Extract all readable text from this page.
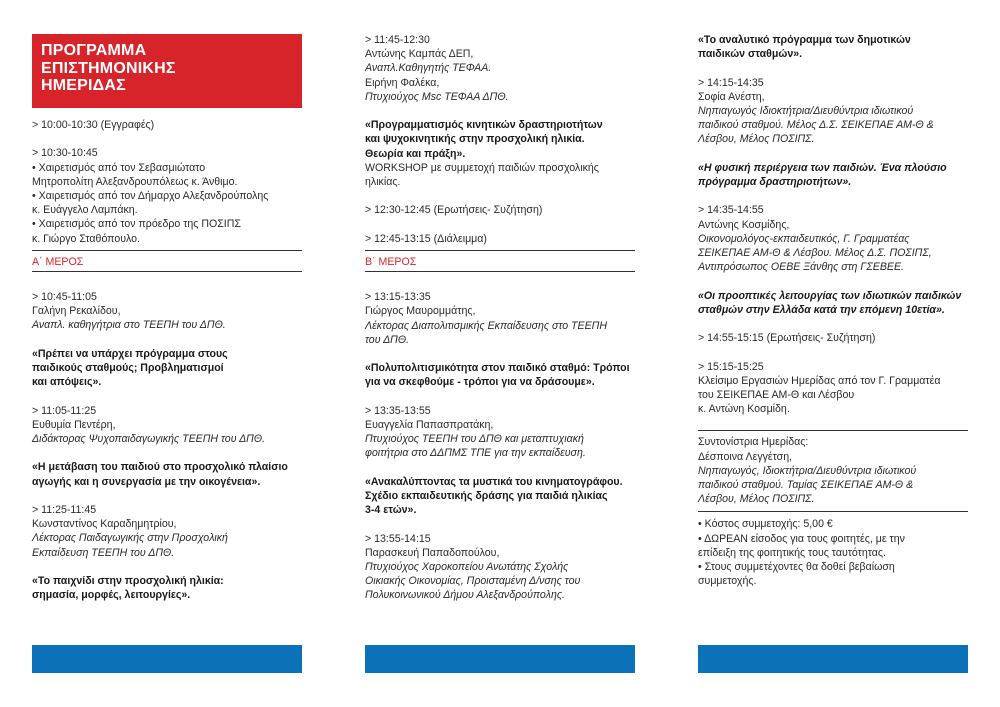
ΠΡΟΓΡΑΜΜΑ
ΕΠΙΣΤΗΜΟΝΙΚΗΣ
ΗΜΕΡΙΔΑΣ
> 10:00-10:30 (Εγγραφές)
> 10:30-10:45
• Χαιρετισμός από τον Σεβασμιώτατο
Μητροπολίτη Αλεξανδρουπόλεως κ. Άνθιμο.
• Χαιρετισμός από τον Δήμαρχο Αλεξανδρούπολης
κ. Ευάγγελο Λαμπάκη.
• Χαιρετισμός από τον πρόεδρο της ΠΟΣΙΠΣ
κ. Γιώργο Σταθόπουλο.
Α΄ ΜΕΡΟΣ
> 10:45-11:05
Γαλήνη Ρεκαλίδου,
Αναπλ. καθηγήτρια στο ΤΕΕΠΗ του ΔΠΘ.
«Πρέπει να υπάρχει πρόγραμμα στους
παιδικούς σταθμούς; Προβληματισμοί
και απόψεις».
> 11:05-11:25
Ευθυμία Πεντέρη,
Διδάκτορας Ψυχοπαιδαγωγικής ΤΕΕΠΗ του ΔΠΘ.
«Η μετάβαση του παιδιού στο προσχολικό πλαίσιο
αγωγής και η συνεργασία με την οικογένεια».
> 11:25-11:45
Κωνσταντίνος Καραδημητρίου,
Λέκτορας Παιδαγωγικής στην Προσχολική
Εκπαίδευση ΤΕΕΠΗ του ΔΠΘ.
«Το παιχνίδι στην προσχολική ηλικία:
σημασία, μορφές, λειτουργίες».
> 11:45-12:30
Αντώνης Καμπάς ΔΕΠ,
Αναπλ.Καθηγητής ΤΕΦΑΑ.
Ειρήνη Φαλέκα,
Πτυχιούχος Msc ΤΕΦΑΑ ΔΠΘ.
«Προγραμματισμός κινητικών δραστηριοτήτων
και ψυχοκινητικής στην προσχολική ηλικία.
Θεωρία και πράξη».
WORKSHOP με συμμετοχή παιδιών προσχολικής
ηλικίας.
> 12:30-12:45 (Ερωτήσεις- Συζήτηση)
> 12:45-13:15 (Διάλειμμα)
Β΄ ΜΕΡΟΣ
> 13:15-13:35
Γιώργος Μαυρομμάτης,
Λέκτορας Διαπολιτισμικής Εκπαίδευσης στο ΤΕΕΠΗ
του ΔΠΘ.
«Πολυπολιτισμικότητα στον παιδικό σταθμό: Τρόποι
για να σκεφθούμε - τρόποι για να δράσουμε».
> 13:35-13:55
Ευαγγελία Παπασπρατάκη,
Πτυχιούχος ΤΕΕΠΗ του ΔΠΘ και μεταπτυχιακή
φοιτήτρια στο ΔΔΠΜΣ ΤΠΕ για την εκπαίδευση.
«Ανακαλύπτοντας τα μυστικά του κινηματογράφου.
Σχέδιο εκπαιδευτικής δράσης για παιδιά ηλικίας
3-4 ετών».
> 13:55-14:15
Παρασκευή Παπαδοπούλου,
Πτυχιούχος Χαροκοπείου Ανωτάτης Σχολής
Οικιακής Οικονομίας, Προισταμένη Δ/νσης του
Πολυκοινωνικού Δήμου Αλεξανδρούπολης.
«Το αναλυτικό πρόγραμμα των δημοτικών
παιδικών σταθμών».
> 14:15-14:35
Σοφία Ανέστη,
Νηπιαγωγός Ιδιοκτήτρια/Διευθύντρια ιδιωτικού
παιδικού σταθμού. Μέλος Δ.Σ. ΣΕΙΚΕΠΑΕ ΑΜ-Θ &
Λέσβου, Μέλος ΠΟΣΙΠΣ.
«Η φυσική περιέργεια των παιδιών. Ένα πλούσιο
πρόγραμμα δραστηριοτήτων».
> 14:35-14:55
Αντώνης Κοσμίδης,
Οικονομολόγος-εκπαιδευτικός, Γ. Γραμματέας
ΣΕΙΚΕΠΑΕ ΑΜ-Θ & Λέσβου. Μέλος Δ.Σ. ΠΟΣΙΠΣ,
Αντιπρόσωπος ΟΕΒΕ Ξάνθης στη ΓΣΕΒΕΕ.
«Οι προοπτικές λειτουργίας των ιδιωτικών παιδικών
σταθμών στην Ελλάδα κατά την επόμενη 10ετία».
> 14:55-15:15 (Ερωτήσεις- Συζήτηση)
> 15:15-15:25
Κλείσιμο Εργασιών Ημερίδας από τον Γ. Γραμματέα
του ΣΕΙΚΕΠΑΕ ΑΜ-Θ και Λέσβου
κ. Αντώνη Κοσμίδη.
Συντονίστρια Ημερίδας:
Δέσποινα Λεγγέτση,
Νηπιαγωγός, Ιδιοκτήτρια/Διευθύντρια ιδιωτικού
παιδικού σταθμού. Ταμίας ΣΕΙΚΕΠΑΕ ΑΜ-Θ &
Λέσβου, Μέλος ΠΟΣΙΠΣ.
• Κόστος συμμετοχής: 5,00 €
• ΔΩΡΕΑΝ είσοδος για τους φοιτητές, με την
επίδειξη της φοιτητικής τους ταυτότητας.
• Στους συμμετέχοντες θα δοθεί βεβαίωση
συμμετοχής.
